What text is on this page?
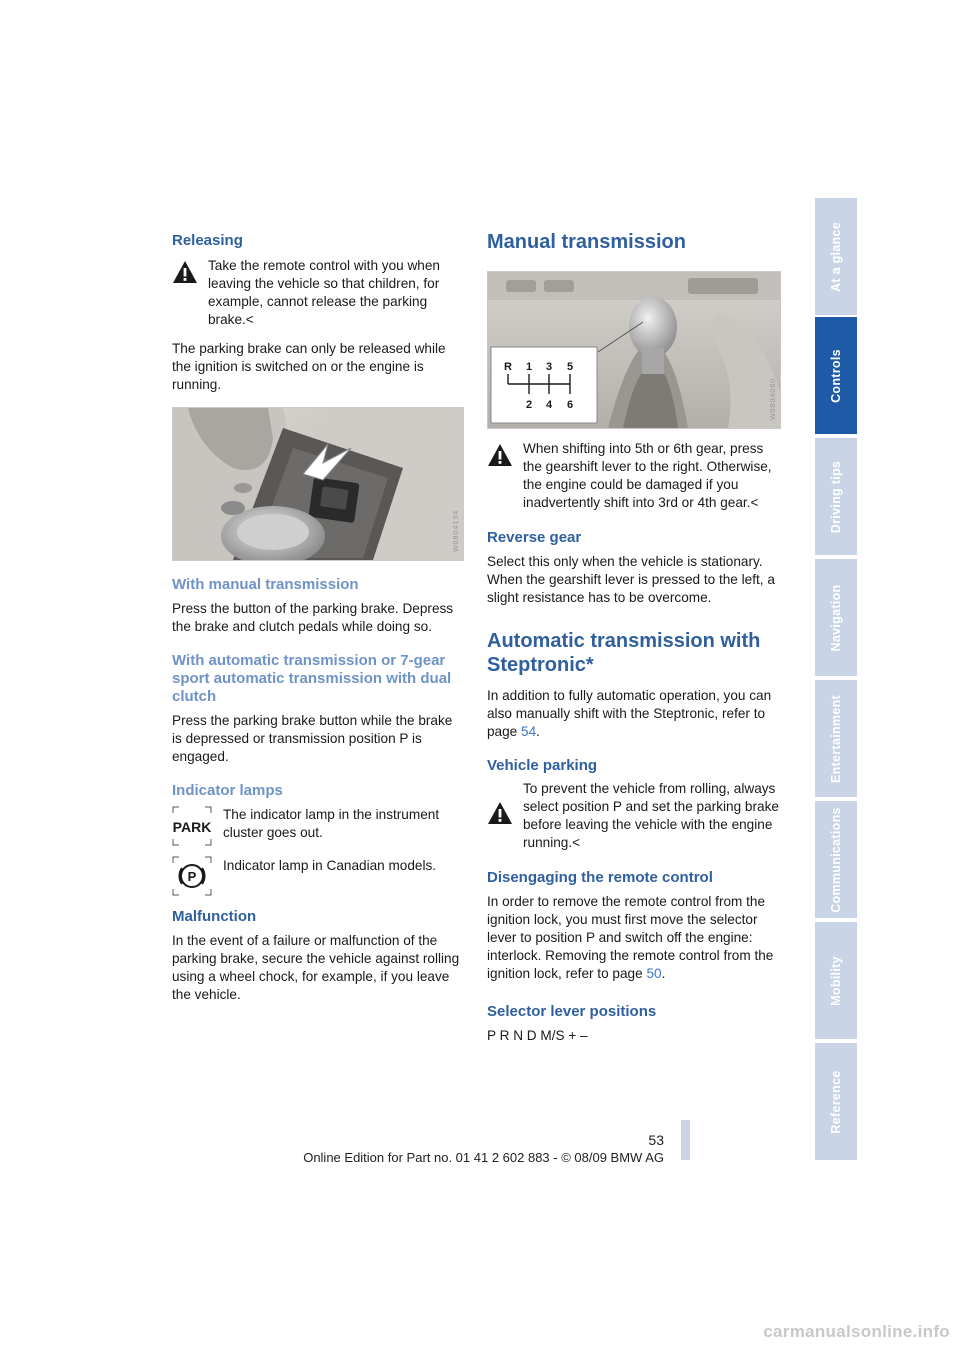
Releasing

Take the remote control with you when leaving the vehicle so that children, for example, cannot release the parking brake.<

The parking brake can only be released while the ignition is switched on or the engine is running.

W0804134
With manual transmission

Press the button of the parking brake. Depress the brake and clutch pedals while doing so.

With automatic transmission or 7-gear sport automatic transmission with dual clutch

Press the parking brake button while the brake is depressed or transmission position P is engaged.

Indicator lamps
PARK

The indicator lamp in the instrument cluster goes out.

P

Indicator lamp in Canadian models.

Malfunction

In the event of a failure or malfunction of the parking brake, secure the vehicle against rolling using a wheel chock, for example, if you leave the vehicle.

Manual transmission
R 1 3 5
2 4 6	W0804060

When shifting into 5th or 6th gear, press the gearshift lever to the right. Otherwise, the engine could be damaged if you inadvertently shift into 3rd or 4th gear.<

Reverse gear

Select this only when the vehicle is stationary. When the gearshift lever is pressed to the left, a slight resistance has to be overcome.

Automatic transmission with Steptronic*

In addition to fully automatic operation, you can also manually shift with the Steptronic, refer to page 54.

Vehicle parking

To prevent the vehicle from rolling, always select position P and set the parking brake before leaving the vehicle with the engine running.<

Disengaging the remote control

In order to remove the remote control from the ignition lock, you must first move the selector lever to position P and switch off the engine: interlock. Removing the remote control from the ignition lock, refer to page 50.

Selector lever positions

P R N D M/S + –

At a glance
Controls
Driving tips
Navigation
Entertainment
Communications
Mobility
Reference
53
Online Edition for Part no. 01 41 2 602 883 - © 08/09 BMW AG
carmanualsonline.info
